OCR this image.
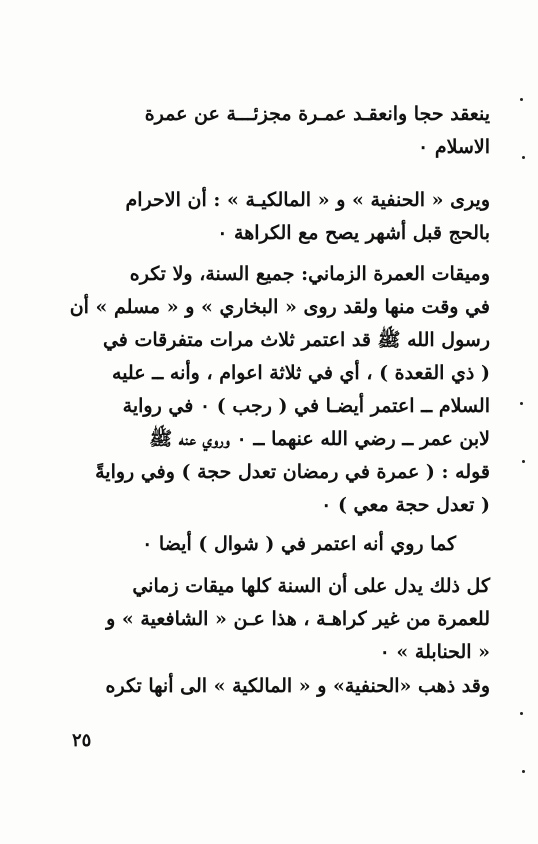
ينعقد حجا وانعقـد عمـرة مجزئـــة عن عمرة
الاسلام ٠
ويرى « الحنفية » و « المالكيـة » : أن الاحرام
بالحج قبل أشهر يصح مع الكراهة ٠
وميقات العمرة الزماني: جميع السنة، ولا تكره
في وقت منها ولقد روى « البخاري » و « مسلم » أن
رسول الله ﷺ قد اعتمر ثلاث مرات متفرقات في
( ذي القعدة ) ، أي في ثلاثة اعوام ، وأنه ــ عليه
السلام ــ اعتمر أيضـا في ( رجب ) ٠ في رواية
لابن عمر ــ رضي الله عنهما ــ ٠ وروي عنه ﷺ
قوله : ( عمرة في رمضان تعدل حجة ) وفي روايةً
( تعدل حجة معي ) ٠
كما روي أنه اعتمر في ( شوال ) أيضا ٠
كل ذلك يدل على أن السنة كلها ميقات زماني
للعمرة من غير كراهـة ، هذا عـن « الشافعية » و
« الحنابلة » ٠
وقد ذهب «الحنفية» و « المالكية » الى أنها تكره
٢٥
